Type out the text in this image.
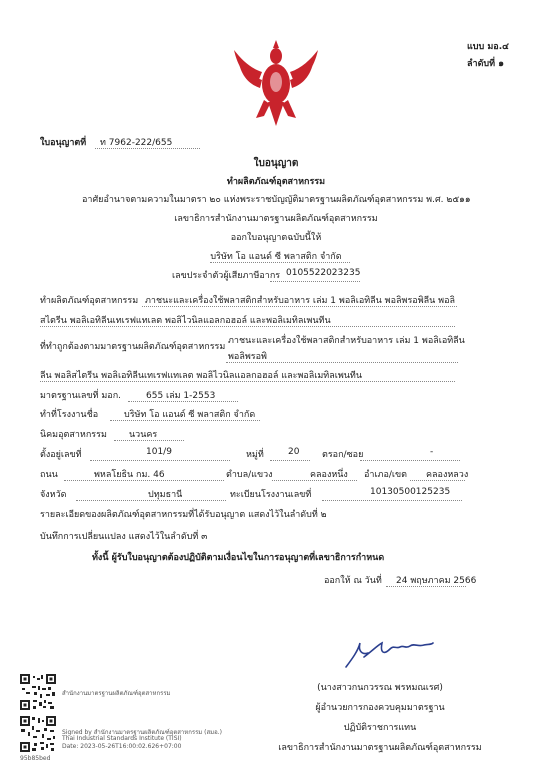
แบบ มอ.๔
ลำดับที่ ๑
ใบอนุญาตที่ ท 7962-222/655
ใบอนุญาต
ทำผลิตภัณฑ์อุตสาหกรรม
อาศัยอำนาจตามความในมาตรา ๒๐ แห่งพระราชบัญญัติมาตรฐานผลิตภัณฑ์อุตสาหกรรม พ.ศ. ๒๕๑๑
เลขาธิการสำนักงานมาตรฐานผลิตภัณฑ์อุตสาหกรรม
ออกใบอนุญาตฉบับนี้ให้
บริษัท โอ แอนด์ ซี พลาสติก จำกัด
เลขประจำตัวผู้เสียภาษีอากร 0105522023235
ทำผลิตภัณฑ์อุตสาหกรรม ภาชนะและเครื่องใช้พลาสติกสำหรับอาหาร เล่ม 1 พอลิเอทิลีน พอลิพรอพิลีน พอลิ
สไตรีน พอลิเอทิลีนเทเรฟแทเลต พอลิไวนิลแอลกอฮอล์ และพอลิเมทิลเพนทีน
ที่ทำถูกต้องตามมาตรฐานผลิตภัณฑ์อุตสาหกรรม
ภาชนะและเครื่องใช้พลาสติกสำหรับอาหาร เล่ม 1 พอลิเอทิลีน
พอลิพรอพิ
ลีน พอลิสไตรีน พอลิเอทิลีนเทเรฟแทเลต พอลิไวนิลแอลกอฮอล์ และพอลิเมทิลเพนทีน
มาตรฐานเลขที่ มอก.	655 เล่ม 1-2553
ทำที่โรงงานชื่อ	บริษัท โอ แอนด์ ซี พลาสติก จำกัด
นิคมอุตสาหกรรม นวนคร
ตั้งอยู่เลขที่	101/9	หมู่ที่	20	ตรอก/ซอย	-
ถนน	พหลโยธิน กม. 46	ตำบล/แขวง	คลองหนึ่ง อำเภอ/เขต คลองหลวง
จังหวัด	ปทุมธานี	ทะเบียนโรงงานเลขที่	10130500125235
รายละเอียดของผลิตภัณฑ์อุตสาหกรรมที่ได้รับอนุญาต แสดงไว้ในลำดับที่ ๒
บันทึกการเปลี่ยนแปลง แสดงไว้ในลำดับที่ ๓
ทั้งนี้ ผู้รับใบอนุญาตต้องปฏิบัติตามเงื่อนไขในการอนุญาตที่เลขาธิการกำหนด
ออกให้ ณ วันที่ 24 พฤษภาคม 2566
(นางสาวกนกวรรณ พรหมณเรศ)
ผู้อำนวยการกองควบคุมมาตรฐาน
ปฏิบัติราชการแทน
เลขาธิการสำนักงานมาตรฐานผลิตภัณฑ์อุตสาหกรรม
สำนักงานมาตรฐานผลิตภัณฑ์อุตสาหกรรม
Signed by สำนักงานมาตรฐานผลิตภัณฑ์อุตสาหกรรม (สมอ.)
Thai Industrial Standards Institute (TISI)
Date: 2023-05-26T16:00:02.626+07:00
95b85bed
